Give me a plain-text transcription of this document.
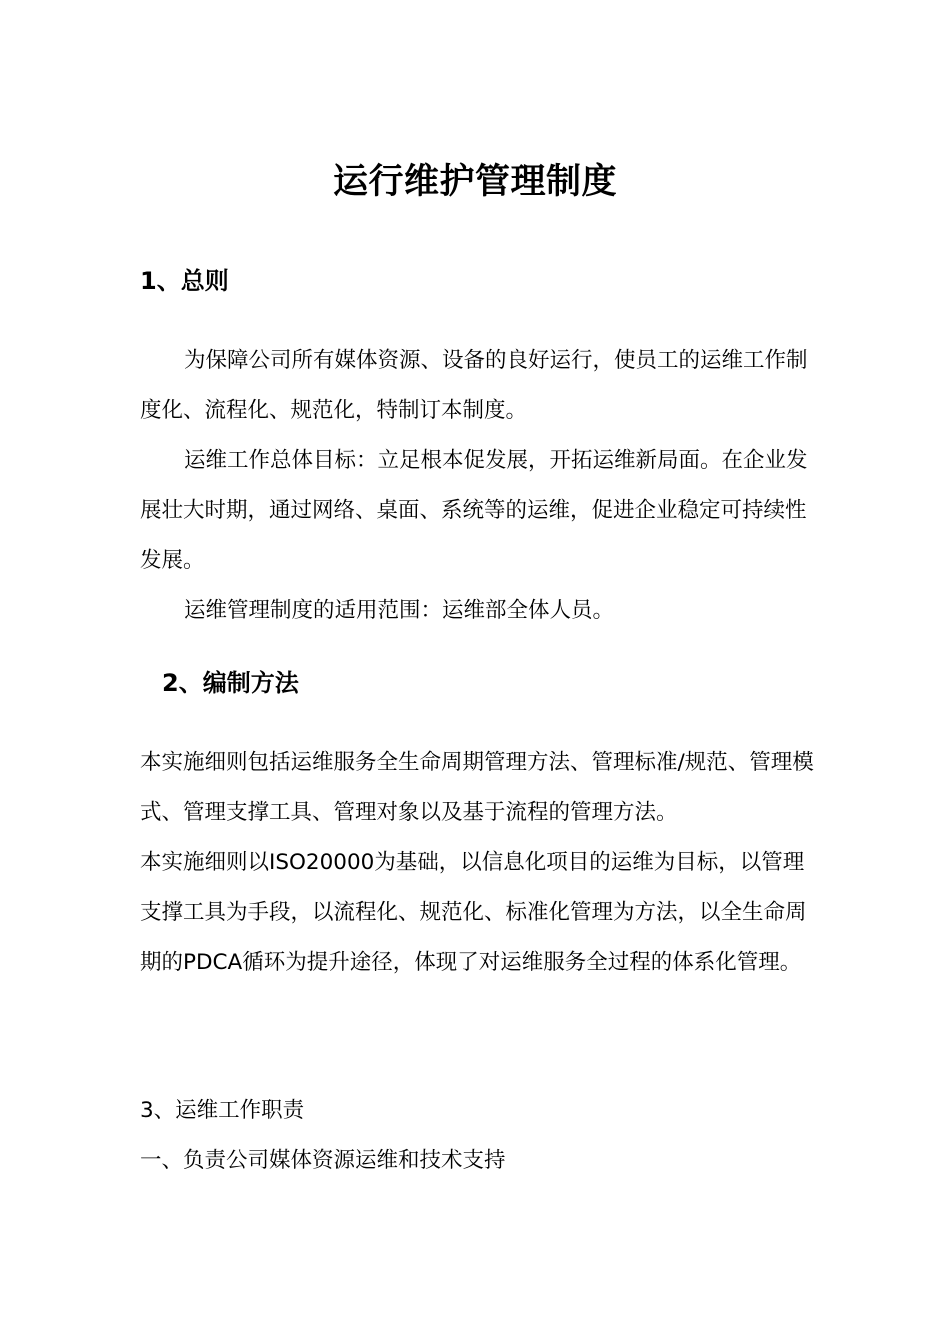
运行维护管理制度
1、总则

为保障公司所有媒体资源、设备的良好运行，使员工的运维工作制度化、流程化、规范化，特制订本制度。

运维工作总体目标：立足根本促发展，开拓运维新局面。在企业发展壮大时期，通过网络、桌面、系统等的运维，促进企业稳定可持续性发展。

运维管理制度的适用范围：运维部全体人员。

2、编制方法

本实施细则包括运维服务全生命周期管理方法、管理标准/规范、管理模式、管理支撑工具、管理对象以及基于流程的管理方法。

本实施细则以ISO20000为基础，以信息化项目的运维为目标，以管理支撑工具为手段，以流程化、规范化、标准化管理为方法，以全生命周期的PDCA循环为提升途径，体现了对运维服务全过程的体系化管理。

3、运维工作职责
一、负责公司媒体资源运维和技术支持
